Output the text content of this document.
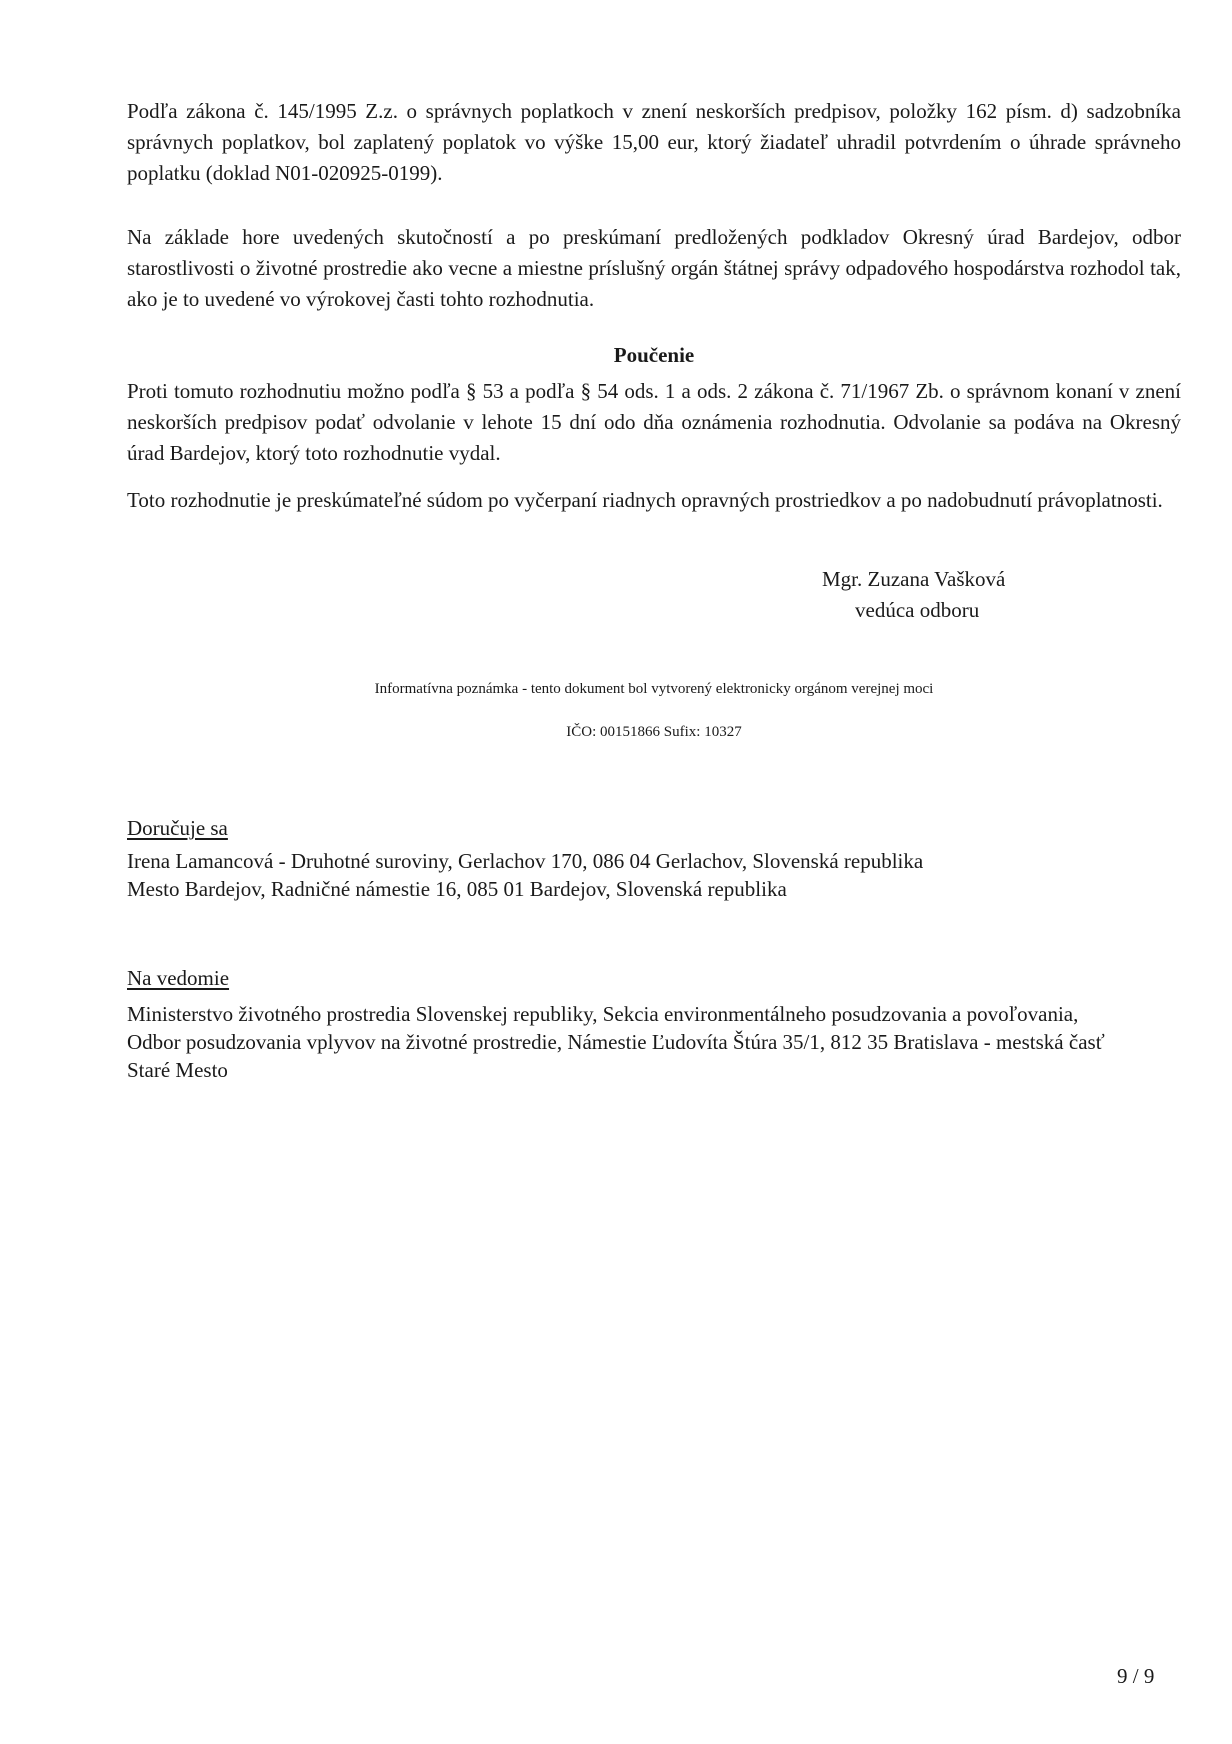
Podľa zákona č. 145/1995 Z.z. o správnych poplatkoch v znení neskorších predpisov, položky 162 písm. d) sadzobníka správnych poplatkov, bol zaplatený poplatok vo výške 15,00 eur, ktorý žiadateľ uhradil potvrdením o úhrade správneho poplatku (doklad N01-020925-0199).

Na základe hore uvedených skutočností a po preskúmaní predložených podkladov Okresný úrad Bardejov, odbor starostlivosti o životné prostredie ako vecne a miestne príslušný orgán štátnej správy odpadového hospodárstva rozhodol tak, ako je to uvedené vo výrokovej časti tohto rozhodnutia.

Poučenie

Proti tomuto rozhodnutiu možno podľa § 53 a podľa § 54 ods. 1 a ods. 2 zákona č. 71/1967 Zb. o správnom konaní v znení neskorších predpisov podať odvolanie v lehote 15 dní odo dňa oznámenia rozhodnutia. Odvolanie sa podáva na Okresný úrad Bardejov, ktorý toto rozhodnutie vydal.

Toto rozhodnutie je preskúmateľné súdom po vyčerpaní riadnych opravných prostriedkov a po nadobudnutí právoplatnosti.

Mgr. Zuzana Vašková

vedúca odboru

Informatívna poznámka - tento dokument bol vytvorený elektronicky orgánom verejnej moci

IČO: 00151866 Sufix: 10327

Doručuje sa

Irena Lamancová - Druhotné suroviny, Gerlachov 170, 086 04 Gerlachov, Slovenská republika

Mesto Bardejov, Radničné námestie 16, 085 01 Bardejov, Slovenská republika

Na vedomie

Ministerstvo životného prostredia Slovenskej republiky, Sekcia environmentálneho posudzovania a povoľovania,

Odbor posudzovania vplyvov na životné prostredie, Námestie Ľudovíta Štúra 35/1, 812 35 Bratislava - mestská časť

Staré Mesto

9 / 9
